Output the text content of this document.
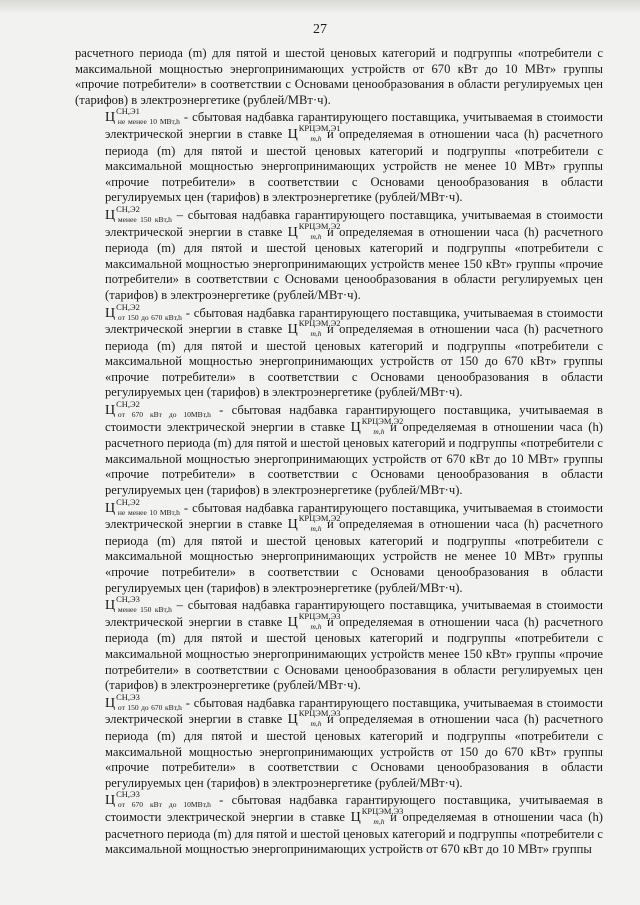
27

расчетного периода (m) для пятой и шестой ценовых категорий и подгруппы «потребители с максимальной мощностью энергопринимающих устройств от 670 кВт до 10 МВт» группы «прочие потребители» в соответствии с Основами ценообразования в области регулируемых цен (тарифов) в электроэнергетике (рублей/МВт·ч).

$Ц^{СН,Э1}_{не менее 10 МВт,h}$ - сбытовая надбавка гарантирующего поставщика, учитываемая в стоимости электрической энергии в ставке $Ц^{КРЦЭМ,Э1}_{m,h}$ и определяемая в отношении часа (h) расчетного периода (m) для пятой и шестой ценовых категорий и подгруппы «потребители с максимальной мощностью энергопринимающих устройств не менее 10 МВт» группы «прочие потребители» в соответствии с Основами ценообразования в области регулируемых цен (тарифов) в электроэнергетике (рублей/МВт·ч).

$Ц^{СН,Э2}_{менее 150 кВт,h}$ – сбытовая надбавка гарантирующего поставщика, учитываемая в стоимости электрической энергии в ставке $Ц^{КРЦЭМ,Э2}_{m,h}$ и определяемая в отношении часа (h) расчетного периода (m) для пятой и шестой ценовых категорий и подгруппы «потребители с максимальной мощностью энергопринимающих устройств менее 150 кВт» группы «прочие потребители» в соответствии с Основами ценообразования в области регулируемых цен (тарифов) в электроэнергетике (рублей/МВт·ч).

$Ц^{СН,Э2}_{от 150 до 670 кВт,h}$ - сбытовая надбавка гарантирующего поставщика, учитываемая в стоимости электрической энергии в ставке $Ц^{КРЦЭМ,Э2}_{m,h}$ и определяемая в отношении часа (h) расчетного периода (m) для пятой и шестой ценовых категорий и подгруппы «потребители с максимальной мощностью энергопринимающих устройств от 150 до 670 кВт» группы «прочие потребители» в соответствии с Основами ценообразования в области регулируемых цен (тарифов) в электроэнергетике (рублей/МВт·ч).

$Ц^{СН,Э2}_{от 670 кВт до 10МВт,h}$ - сбытовая надбавка гарантирующего поставщика, учитываемая в стоимости электрической энергии в ставке $Ц^{КРЦЭМ,Э2}_{m,h}$ и определяемая в отношении часа (h) расчетного периода (m) для пятой и шестой ценовых категорий и подгруппы «потребители с максимальной мощностью энергопринимающих устройств от 670 кВт до 10 МВт» группы «прочие потребители» в соответствии с Основами ценообразования в области регулируемых цен (тарифов) в электроэнергетике (рублей/МВт·ч).

$Ц^{СН,Э2}_{не менее 10 МВт,h}$ - сбытовая надбавка гарантирующего поставщика, учитываемая в стоимости электрической энергии в ставке $Ц^{КРЦЭМ,Э2}_{m,h}$ и определяемая в отношении часа (h) расчетного периода (m) для пятой и шестой ценовых категорий и подгруппы «потребители с максимальной мощностью энергопринимающих устройств не менее 10 МВт» группы «прочие потребители» в соответствии с Основами ценообразования в области регулируемых цен (тарифов) в электроэнергетике (рублей/МВт·ч).

$Ц^{СН,Э3}_{менее 150 кВт,h}$ – сбытовая надбавка гарантирующего поставщика, учитываемая в стоимости электрической энергии в ставке $Ц^{КРЦЭМ,Э3}_{m,h}$ и определяемая в отношении часа (h) расчетного периода (m) для пятой и шестой ценовых категорий и подгруппы «потребители с максимальной мощностью энергопринимающих устройств менее 150 кВт» группы «прочие потребители» в соответствии с Основами ценообразования в области регулируемых цен (тарифов) в электроэнергетике (рублей/МВт·ч).

$Ц^{СН,Э3}_{от 150 до 670 кВт,h}$ - сбытовая надбавка гарантирующего поставщика, учитываемая в стоимости электрической энергии в ставке $Ц^{КРЦЭМ,Э3}_{m,h}$ и определяемая в отношении часа (h) расчетного периода (m) для пятой и шестой ценовых категорий и подгруппы «потребители с максимальной мощностью энергопринимающих устройств от 150 до 670 кВт» группы «прочие потребители» в соответствии с Основами ценообразования в области регулируемых цен (тарифов) в электроэнергетике (рублей/МВт·ч).

$Ц^{СН,Э3}_{от 670 кВт до 10МВт,h}$ - сбытовая надбавка гарантирующего поставщика, учитываемая в стоимости электрической энергии в ставке $Ц^{КРЦЭМ,Э3}_{m,h}$ и определяемая в отношении часа (h) расчетного периода (m) для пятой и шестой ценовых категорий и подгруппы «потребители с максимальной мощностью энергопринимающих устройств от 670 кВт до 10 МВт» группы
